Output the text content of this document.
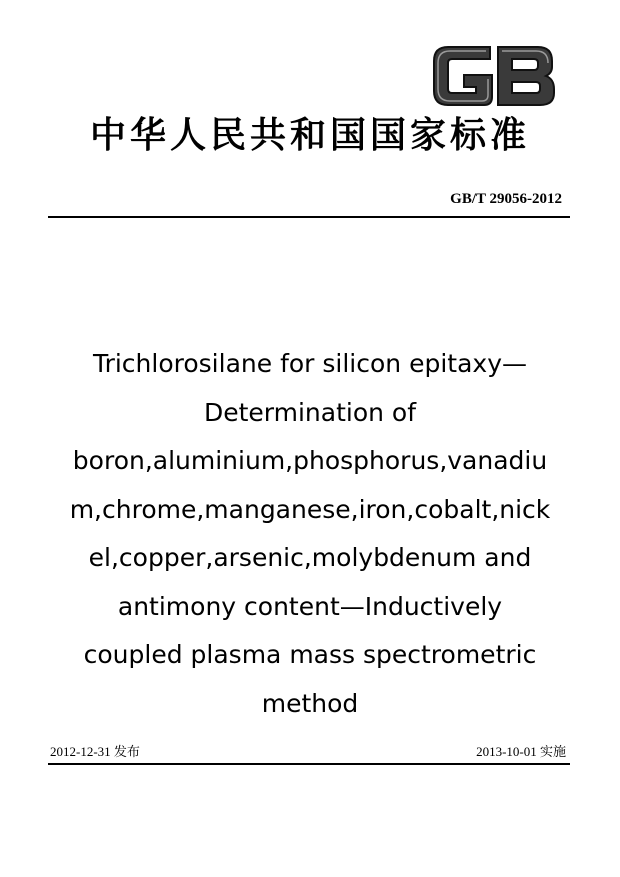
中华人民共和国国家标准
GB/T 29056-2012
Trichlorosilane for silicon epitaxy—
Determination of
boron,aluminium,phosphorus,vanadiu
m,chrome,manganese,iron,cobalt,nick
el,copper,arsenic,molybdenum and
antimony content—Inductively
coupled plasma mass spectrometric
method
2012-12-31 发布	2013-10-01 实施
